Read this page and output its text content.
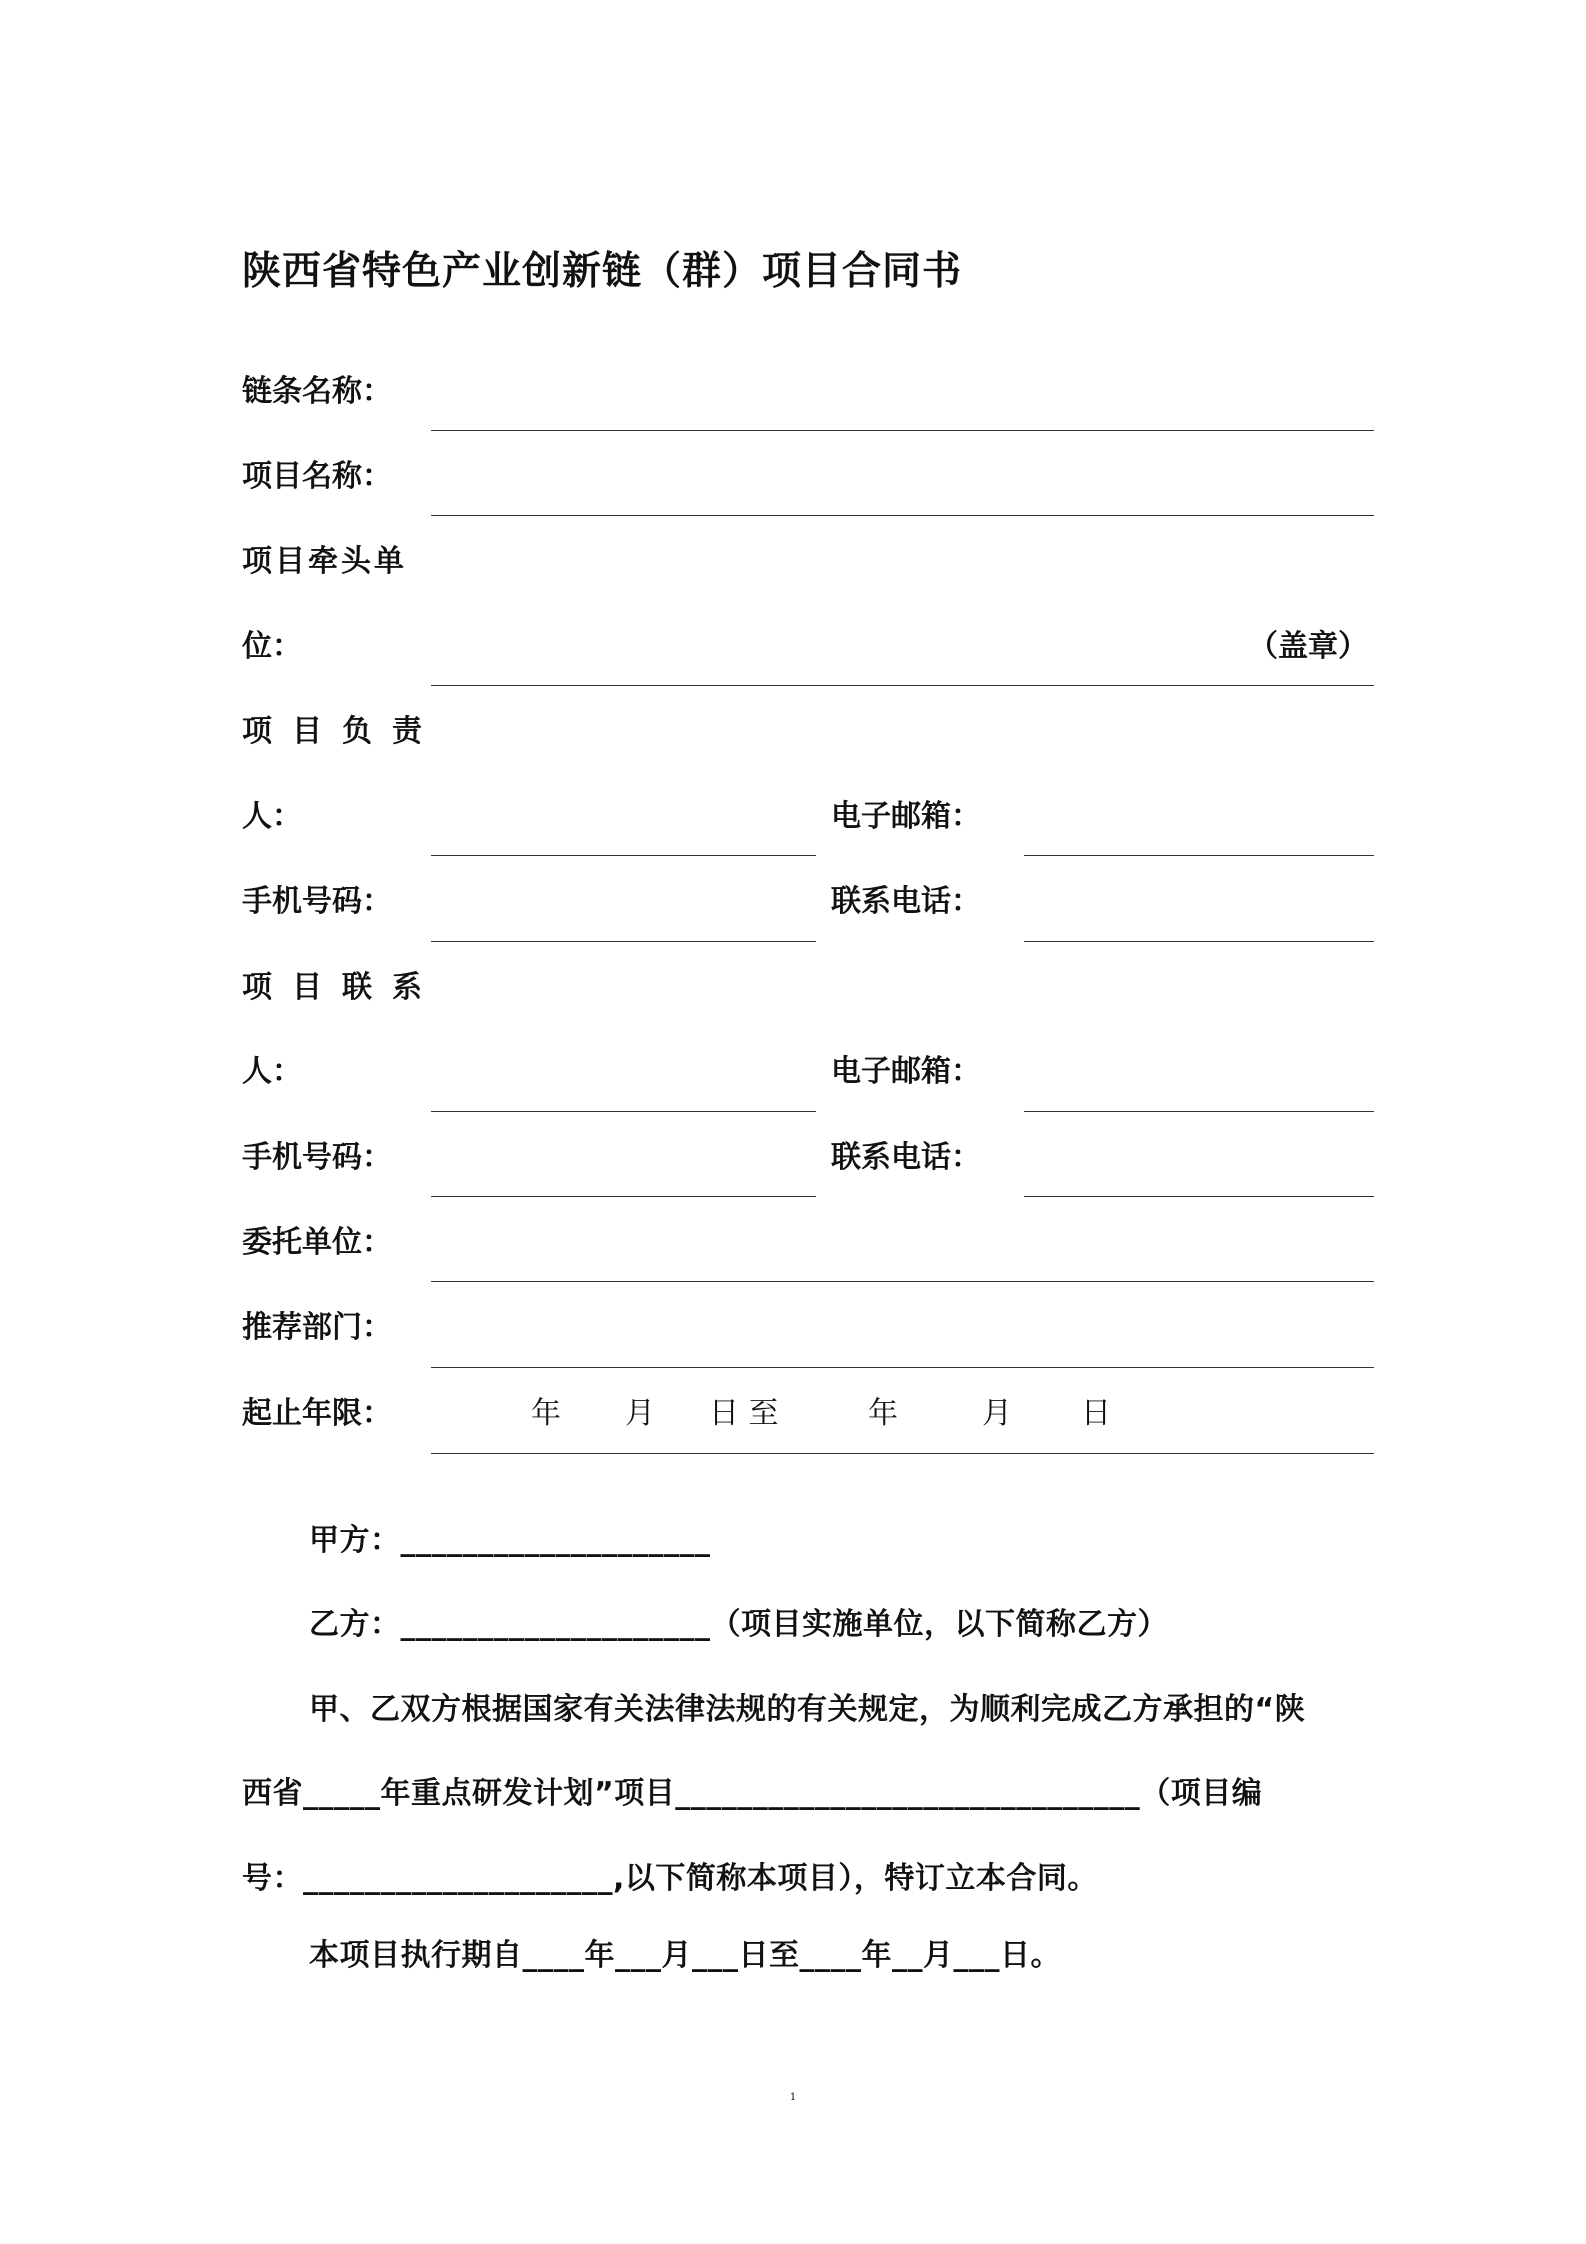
陕西省特色产业创新链（群）项目合同书
链条名称：
项目名称：
项目牵头单
位：	（盖章）
项目负责
人：	电子邮箱：
手机号码：	联系电话：
项目联系
人：	电子邮箱：
手机号码：	联系电话：
委托单位：
推荐部门：
起止年限：	年 月 日 至	年	月 日
甲方：____________________
乙方：____________________（项目实施单位，以下简称乙方）
甲、乙双方根据国家有关法律法规的有关规定，为顺利完成乙方承担的“陕
西省_____年重点研发计划”项目______________________________（项目编
号：____________________,以下简称本项目），特订立本合同。
本项目执行期自____年___月___日至____年__月___日。
1
